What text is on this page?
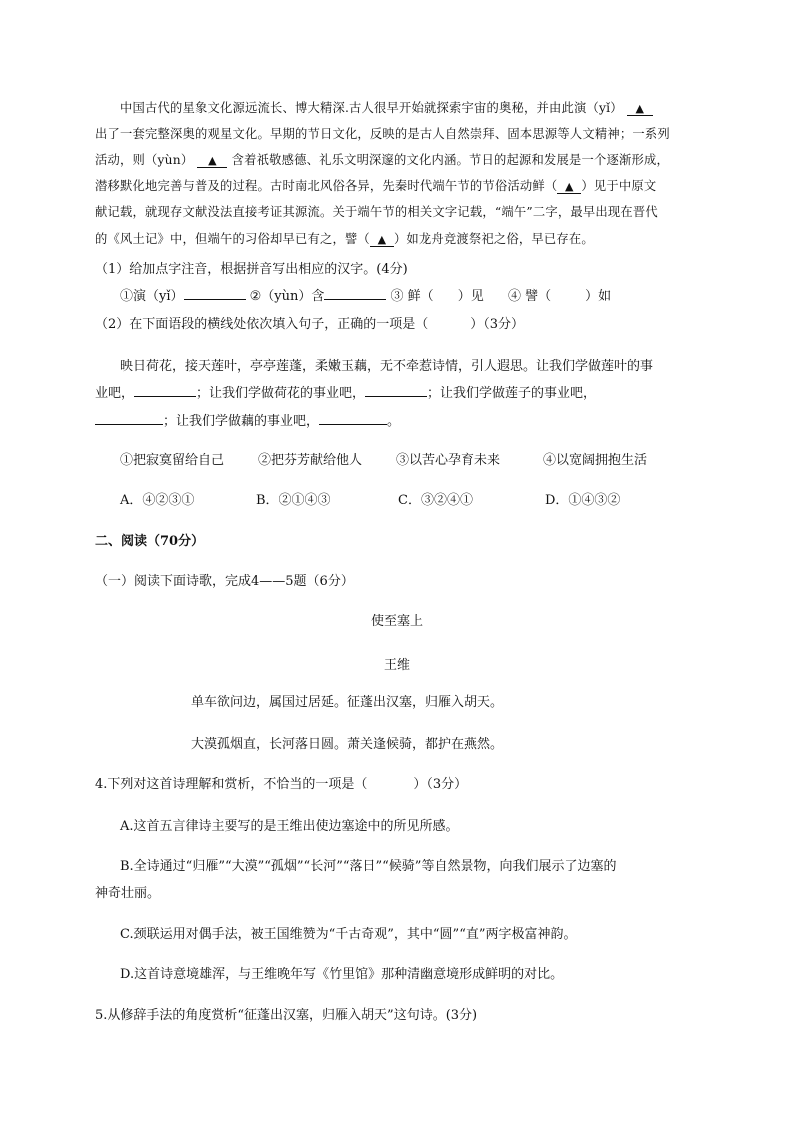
中国古代的星象文化源远流长、博大精深.古人很早开始就探索宇宙的奥秘，并由此演（yǐ） ▲
出了一套完整深奥的观星文化。早期的节日文化，反映的是古人自然崇拜、固本思源等人文精神；一系列
活动，则（yùn） ▲ 含着祇敬感德、礼乐文明深邃的文化内涵。节日的起源和发展是一个逐渐形成，
潜移默化地完善与普及的过程。古时南北风俗各异，先秦时代端午节的节俗活动鲜（ ▲ ）见于中原文
献记载，就现存文献没法直接考证其源流。关于端午节的相关文字记载，“端午”二字，最早出现在晋代
的《风土记》中，但端午的习俗却早已有之，譬（ ▲ ）如龙舟竞渡祭祀之俗，早已存在。
（1）给加点字注音，根据拼音写出相应的汉字。(4分)
①演（yǐ）	②（yùn）含	③ 鲜（ ）见 ④ 譬（	）如
（2）在下面语段的横线处依次填入句子，正确的一项是（	）（3分）
映日荷花，接天莲叶，亭亭莲蓬，柔嫩玉藕，无不牵惹诗情，引人遐思。让我们学做莲叶的事
业吧，	；让我们学做荷花的事业吧，	；让我们学做莲子的事业吧，
；让我们学做藕的事业吧，	。
①把寂寞留给自己	②把芬芳献给他人	③以苦心孕育未来	④以宽阔拥抱生活
A．④②③①	B．②①④③	C．③②④①	D．①④③②
二、阅读（70分）
（一）阅读下面诗歌，完成4——5题（6分）
使至塞上
王维
单车欲问边，属国过居延。征蓬出汉塞，归雁入胡天。
大漠孤烟直，长河落日圆。萧关逢候骑，都护在燕然。
4.下列对这首诗理解和赏析，不恰当的一项是（	）（3分）
A.这首五言律诗主要写的是王维出使边塞途中的所见所感。
B.全诗通过“归雁”“大漠”“孤烟”“长河”“落日”“候骑”等自然景物，向我们展示了边塞的
神奇壮丽。
C.颈联运用对偶手法，被王国维赞为“千古奇观”，其中“圆”“直”两字极富神韵。
D.这首诗意境雄浑，与王维晚年写《竹里馆》那种清幽意境形成鲜明的对比。
5.从修辞手法的角度赏析“征蓬出汉塞，归雁入胡天”这句诗。(3分)
